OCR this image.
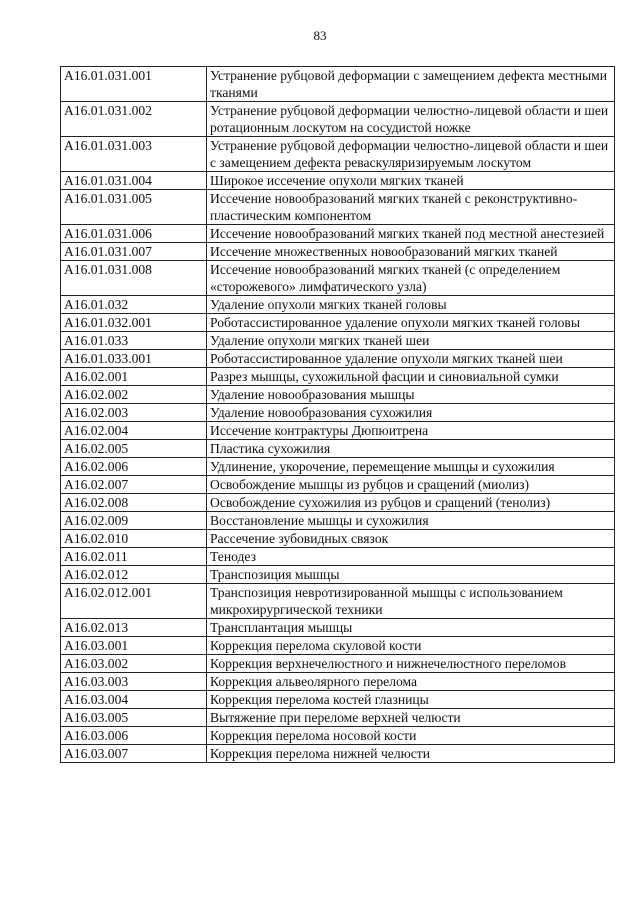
83
A16.01.031.001	Устранение рубцовой деформации с замещением дефекта местными тканями
A16.01.031.002	Устранение рубцовой деформации челюстно-лицевой области и шеи ротационным лоскутом на сосудистой ножке
A16.01.031.003	Устранение рубцовой деформации челюстно-лицевой области и шеи с замещением дефекта реваскуляризируемым лоскутом
A16.01.031.004	Широкое иссечение опухоли мягких тканей
A16.01.031.005	Иссечение новообразований мягких тканей с реконструктивно-пластическим компонентом
A16.01.031.006	Иссечение новообразований мягких тканей под местной анестезией
A16.01.031.007	Иссечение множественных новообразований мягких тканей
A16.01.031.008	Иссечение новообразований мягких тканей (с определением «сторожевого» лимфатического узла)
A16.01.032	Удаление опухоли мягких тканей головы
A16.01.032.001	Роботассистированное удаление опухоли мягких тканей головы
A16.01.033	Удаление опухоли мягких тканей шеи
A16.01.033.001	Роботассистированное удаление опухоли мягких тканей шеи
A16.02.001	Разрез мышцы, сухожильной фасции и синовиальной сумки
A16.02.002	Удаление новообразования мышцы
A16.02.003	Удаление новообразования сухожилия
A16.02.004	Иссечение контрактуры Дюпюитрена
A16.02.005	Пластика сухожилия
A16.02.006	Удлинение, укорочение, перемещение мышцы и сухожилия
A16.02.007	Освобождение мышцы из рубцов и сращений (миолиз)
A16.02.008	Освобождение сухожилия из рубцов и сращений (тенолиз)
A16.02.009	Восстановление мышцы и сухожилия
A16.02.010	Рассечение зубовидных связок
A16.02.011	Тенодез
A16.02.012	Транспозиция мышцы
A16.02.012.001	Транспозиция невротизированной мышцы с использованием микрохирургической техники
A16.02.013	Трансплантация мышцы
A16.03.001	Коррекция перелома скуловой кости
A16.03.002	Коррекция верхнечелюстного и нижнечелюстного переломов
A16.03.003	Коррекция альвеолярного перелома
A16.03.004	Коррекция перелома костей глазницы
A16.03.005	Вытяжение при переломе верхней челюсти
A16.03.006	Коррекция перелома носовой кости
A16.03.007	Коррекция перелома нижней челюсти
